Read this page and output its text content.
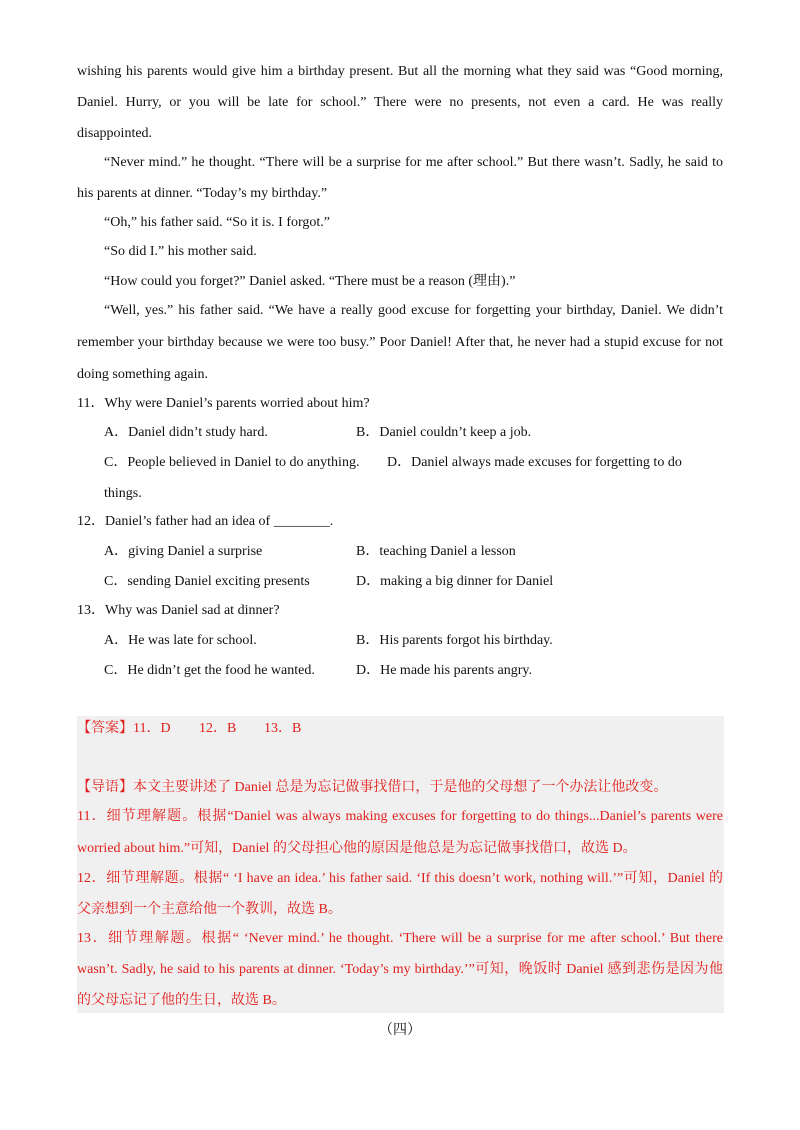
wishing his parents would give him a birthday present. But all the morning what they said was “Good morning,
Daniel. Hurry, or you will be late for school.” There were no presents, not even a card. He was really
disappointed.
“Never mind.” he thought. “There will be a surprise for me after school.” But there wasn’t. Sadly, he said to
his parents at dinner. “Today’s my birthday.”
“Oh,” his father said. “So it is. I forgot.”
“So did I.” his mother said.
“How could you forget?” Daniel asked. “There must be a reason (理由).”
“Well, yes.” his father said. “We have a really good excuse for forgetting your birthday, Daniel. We didn’t
remember your birthday because we were too busy.” Poor Daniel! After that, he never had a stupid excuse for not
doing something again.
11．Why were Daniel’s parents worried about him?
A．Daniel didn’t study hard.	B．Daniel couldn’t keep a job.
C．People believed in Daniel to do anything. D．Daniel always made excuses for forgetting to do
things.
12．Daniel’s father had an idea of ________.
A．giving Daniel a surprise	B．teaching Daniel a lesson
C．sending Daniel exciting presents	D．making a big dinner for Daniel
13．Why was Daniel sad at dinner?
A．He was late for school.	B．His parents forgot his birthday.
C．He didn’t get the food he wanted.	D．He made his parents angry.
【答案】 11．D 12．B 13．B
【导语】本文主要讲述了 Daniel 总是为忘记做事找借口，于是他的父母想了一个办法让他改变。
11．细节理解题。根据“Daniel was always making excuses for forgetting to do things...Daniel’s parents were
worried about him.”可知，Daniel 的父母担心他的原因是他总是为忘记做事找借口，故选 D。
12．细节理解题。根据“ ‘I have an idea.’ his father said. ‘If this doesn’t work, nothing will.’”可知，Daniel 的
父亲想到一个主意给他一个教训，故选 B。
13．细节理解题。根据“ ‘Never mind.’ he thought. ‘There will be a surprise for me after school.’ But there
wasn’t. Sadly, he said to his parents at dinner. ‘Today’s my birthday.’”可知，晚饭时 Daniel 感到悲伤是因为他
的父母忘记了他的生日，故选 B。
（四）
